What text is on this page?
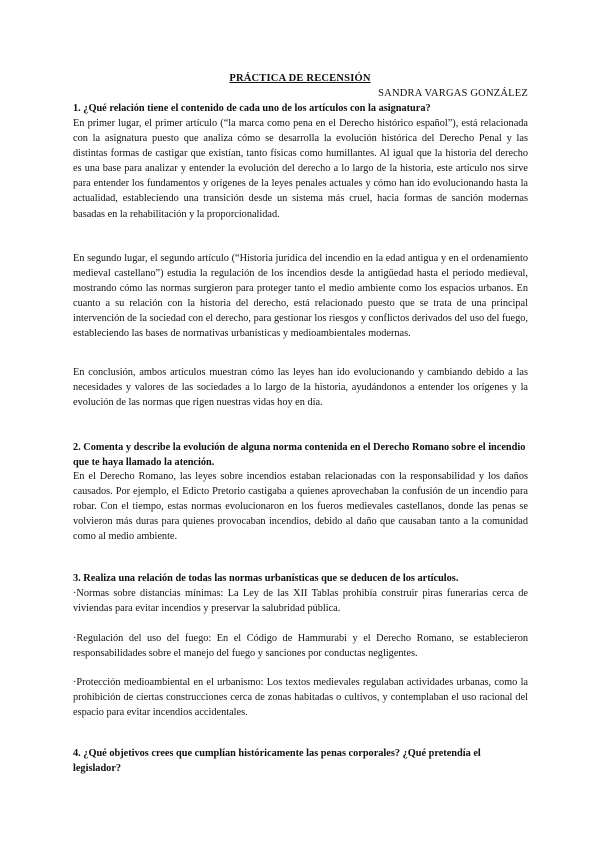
PRÁCTICA DE RECENSIÓN
SANDRA VARGAS GONZÁLEZ
1. ¿Qué relación tiene el contenido de cada uno de los artículos con la asignatura?
En primer lugar, el primer artículo (“la marca como pena en el Derecho histórico español”), está relacionada con la asignatura puesto que analiza cómo se desarrolla la evolución histórica del Derecho Penal y las distintas formas de castigar que existían, tanto físicas como humillantes. Al igual que la historia del derecho es una base para analizar y entender la evolución del derecho a lo largo de la historia, este artículo nos sirve para entender los fundamentos y orígenes de la leyes penales actuales y cómo han ido evolucionando hasta la actualidad, estableciendo una transición desde un sistema más cruel, hacia formas de sanción modernas basadas en la rehabilitación y la proporcionalidad.
En segundo lugar, el segundo artículo (“Historia jurídica del incendio en la edad antigua y en el ordenamiento medieval castellano”) estudia la regulación de los incendios desde la antigüedad hasta el periodo medieval, mostrando cómo las normas surgieron para proteger tanto el medio ambiente como los espacios urbanos. En cuanto a su relación con la historia del derecho, está relacionado puesto que se trata de una principal intervención de la sociedad con el derecho, para gestionar los riesgos y conflictos derivados del uso del fuego, estableciendo las bases de normativas urbanísticas y medioambientales modernas.
En conclusión, ambos artículos muestran cómo las leyes han ido evolucionando y cambiando debido a las necesidades y valores de las sociedades a lo largo de la historia, ayudándonos a entender los orígenes y la evolución de las normas que rigen nuestras vidas hoy en día.
2. Comenta y describe la evolución de alguna norma contenida en el Derecho Romano sobre el incendio que te haya llamado la atención.
En el Derecho Romano, las leyes sobre incendios estaban relacionadas con la responsabilidad y los daños causados. Por ejemplo, el Edicto Pretorio castigaba a quienes aprovechaban la confusión de un incendio para robar. Con el tiempo, estas normas evolucionaron en los fueros medievales castellanos, donde las penas se volvieron más duras para quienes provocaban incendios, debido al daño que causaban tanto a la comunidad como al medio ambiente.
3. Realiza una relación de todas las normas urbanísticas que se deducen de los artículos.
·Normas sobre distancias mínimas: La Ley de las XII Tablas prohibía construir piras funerarias cerca de viviendas para evitar incendios y preservar la salubridad pública.
·Regulación del uso del fuego: En el Código de Hammurabi y el Derecho Romano, se establecieron responsabilidades sobre el manejo del fuego y sanciones por conductas negligentes.
·Protección medioambiental en el urbanismo: Los textos medievales regulaban actividades urbanas, como la prohibición de ciertas construcciones cerca de zonas habitadas o cultivos, y contemplaban el uso racional del espacio para evitar incendios accidentales.
4. ¿Qué objetivos crees que cumplían históricamente las penas corporales? ¿Qué pretendía el legislador?
